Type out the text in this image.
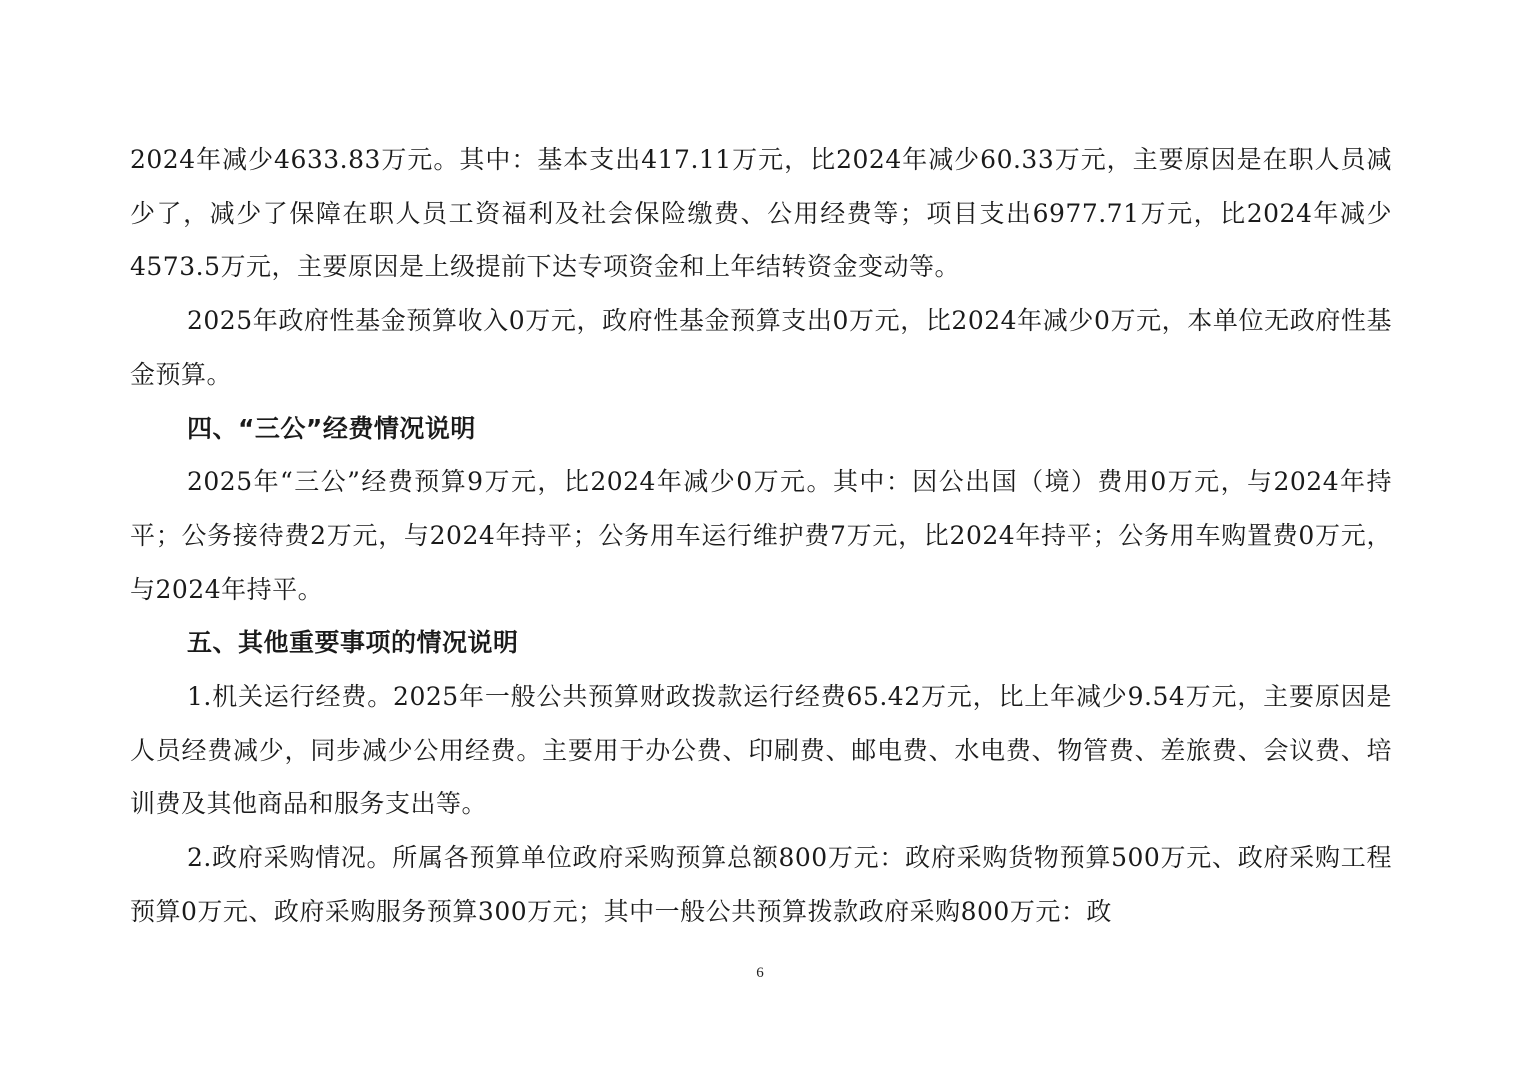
2024年减少4633.83万元。其中：基本支出417.11万元，比2024年减少60.33万元，主要原因是在职人员减少了，减少了保障在职人员工资福利及社会保险缴费、公用经费等；项目支出6977.71万元，比2024年减少4573.5万元，主要原因是上级提前下达专项资金和上年结转资金变动等。

2025年政府性基金预算收入0万元，政府性基金预算支出0万元，比2024年减少0万元，本单位无政府性基金预算。

四、“三公”经费情况说明

2025年“三公”经费预算9万元，比2024年减少0万元。其中：因公出国（境）费用0万元，与2024年持平；公务接待费2万元，与2024年持平；公务用车运行维护费7万元，比2024年持平；公务用车购置费0万元，与2024年持平。

五、其他重要事项的情况说明

1.机关运行经费。2025年一般公共预算财政拨款运行经费65.42万元，比上年减少9.54万元，主要原因是人员经费减少，同步减少公用经费。主要用于办公费、印刷费、邮电费、水电费、物管费、差旅费、会议费、培训费及其他商品和服务支出等。

2.政府采购情况。所属各预算单位政府采购预算总额800万元：政府采购货物预算500万元、政府采购工程预算0万元、政府采购服务预算300万元；其中一般公共预算拨款政府采购800万元：政

6
